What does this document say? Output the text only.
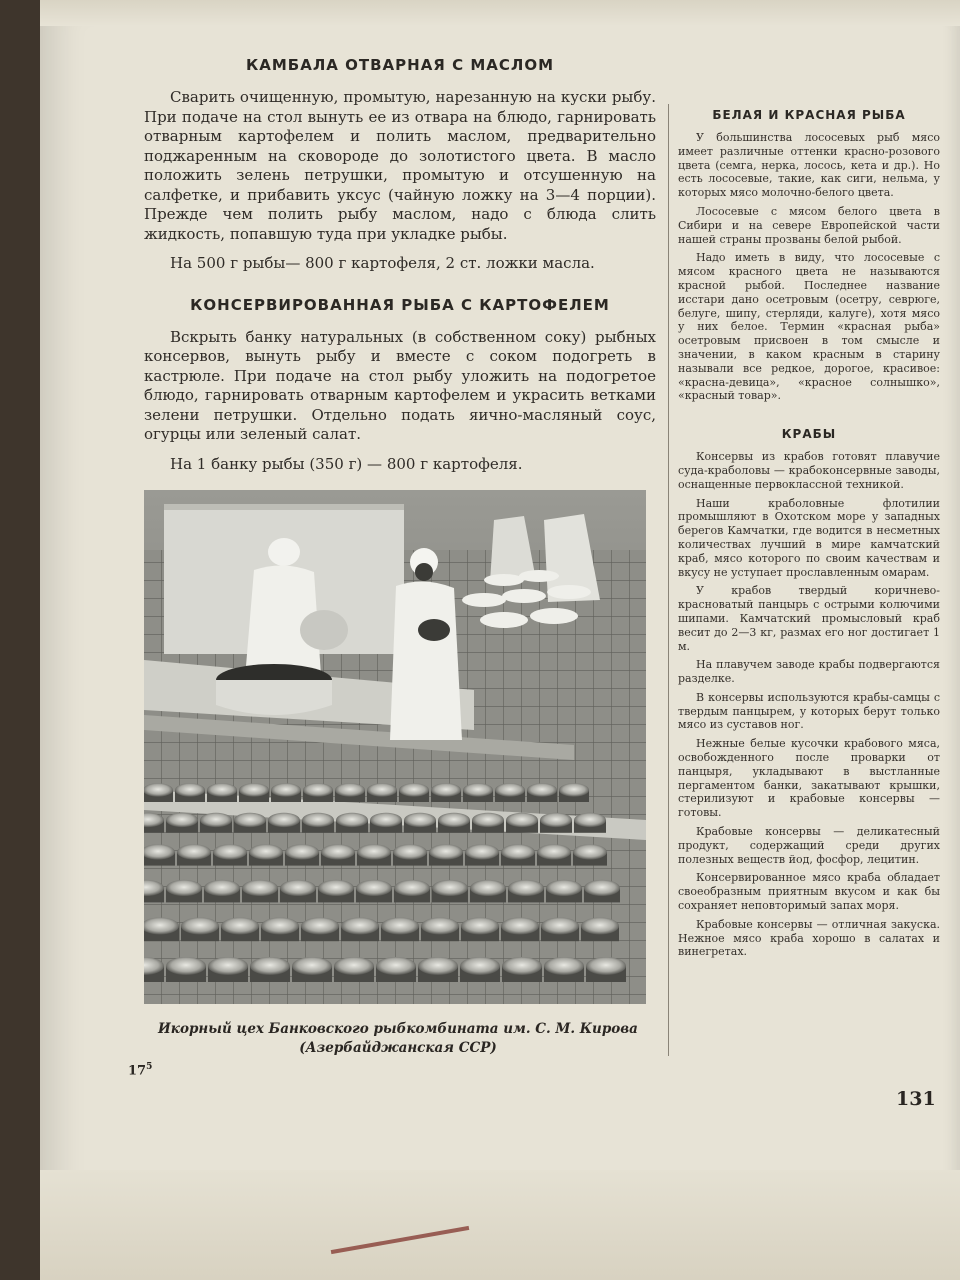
КАМБАЛА ОТВАРНАЯ С МАСЛОМ

Сварить очищенную, промытую, нарезанную на куски рыбу. При подаче на стол вынуть ее из отвара на блюдо, гарнировать отварным картофелем и полить маслом, предварительно поджаренным на сковороде до золотистого цвета. В масло положить зелень петрушки, промытую и отсушенную на салфетке, и прибавить уксус (чайную ложку на 3—4 порции). Прежде чем полить рыбу маслом, надо с блюда слить жидкость, попавшую туда при укладке рыбы.

На 500 г рыбы— 800 г картофеля, 2 ст. ложки масла.

КОНСЕРВИРОВАННАЯ РЫБА С КАРТОФЕЛЕМ

Вскрыть банку натуральных (в собственном соку) рыбных консервов, вынуть рыбу и вместе с соком подогреть в кастрюле. При подаче на стол рыбу уложить на подогретое блюдо, гарнировать отварным картофелем и украсить ветками зелени петрушки. Отдельно подать яично-масляный соус, огурцы или зеленый салат.

На 1 банку рыбы (350 г) — 800 г картофеля.

БЕЛАЯ И КРАСНАЯ РЫБА

У большинства лососевых рыб мясо имеет различные оттенки красно-розового цвета (семга, нерка, лосось, кета и др.). Но есть лососевые, такие, как сиги, нельма, у которых мясо молочно-белого цвета.

Лососевые с мясом белого цвета в Сибири и на севере Европейской части нашей страны прозваны белой рыбой.

Надо иметь в виду, что лососевые с мясом красного цвета не называются красной рыбой. Последнее название исстари дано осетровым (осетру, севрюге, белуге, шипу, стерляди, калуге), хотя мясо у них белое. Термин «красная рыба» осетровым присвоен в том смысле и значении, в каком красным в старину называли все редкое, дорогое, красивое: «красна-девица», «красное солнышко», «красный товар».

КРАБЫ

Консервы из крабов готовят плавучие суда-краболовы — крабоконсервные заводы, оснащенные первоклассной техникой.

Наши краболовные флотилии промышляют в Охотском море у западных берегов Камчатки, где водится в несметных количествах лучший в мире камчатский краб, мясо которого по своим качествам и вкусу не уступает прославленным омарам.

У крабов твердый коричнево-красноватый панцырь с острыми колючими шипами. Камчатский промысловый краб весит до 2—3 кг, размах его ног достигает 1 м.

На плавучем заводе крабы подвергаются разделке.

В консервы используются крабы-самцы с твердым панцырем, у которых берут только мясо из суставов ног.

Нежные белые кусочки крабового мяса, освобожденного после проварки от панцыря, укладывают в выстланные пергаментом банки, закатывают крышки, стерилизуют и крабовые консервы — готовы.

Крабовые консервы — деликатесный продукт, содержащий среди других полезных веществ йод, фосфор, лецитин.

Консервированное мясо краба обладает своеобразным приятным вкусом и как бы сохраняет неповторимый запах моря.

Крабовые консервы — отличная закуска. Нежное мясо краба хорошо в салатах и винегретах.

Икорный цех Банковского рыбкомбината им. С. М. Кирова
(Азербайджанская ССР)
$17^5$
131
